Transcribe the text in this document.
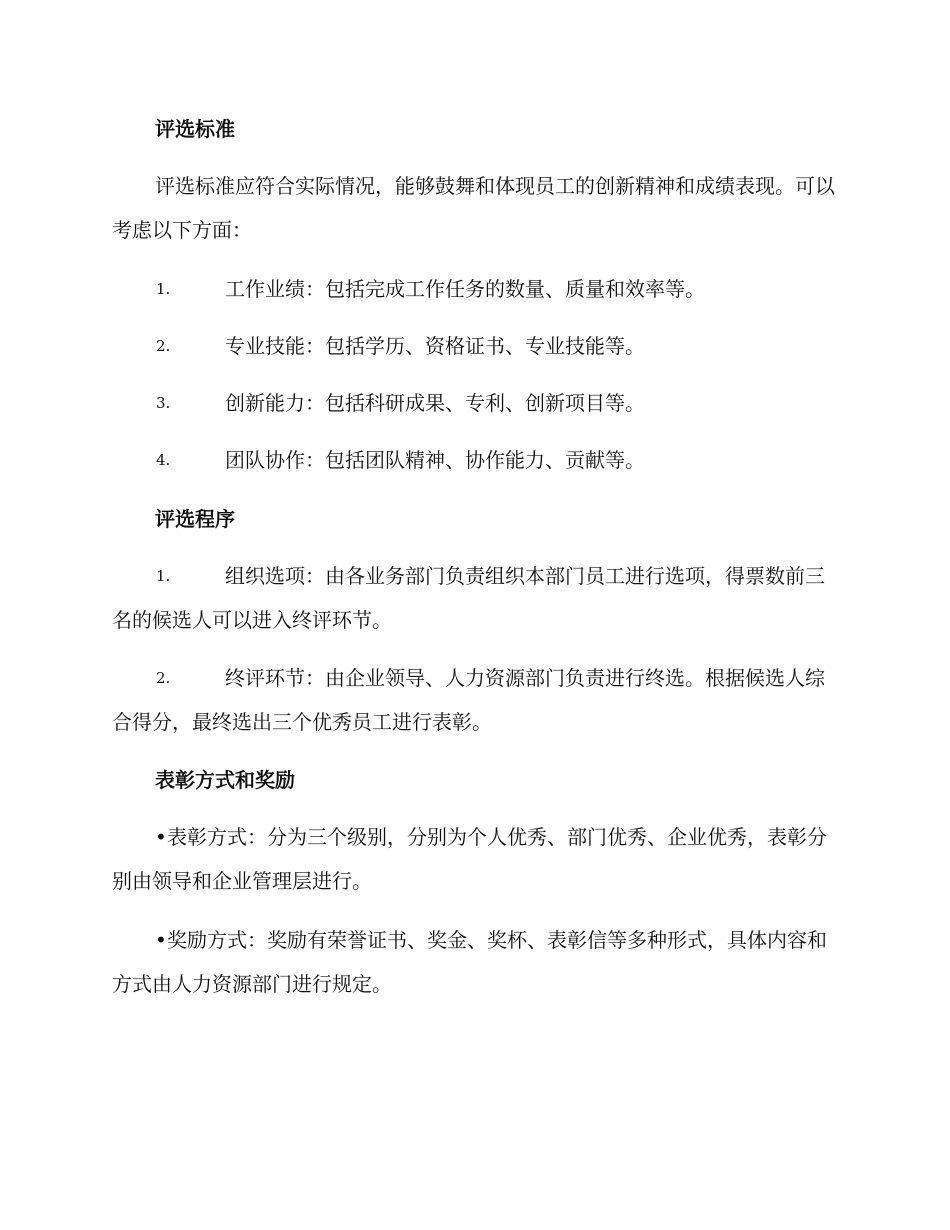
评选标准

评选标准应符合实际情况，能够鼓舞和体现员工的创新精神和成绩表现。可以考虑以下方面：

1.	工作业绩：包括完成工作任务的数量、质量和效率等。
2.	专业技能：包括学历、资格证书、专业技能等。
3.	创新能力：包括科研成果、专利、创新项目等。
4.	团队协作：包括团队精神、协作能力、贡献等。

评选程序

1.	组织选项：由各业务部门负责组织本部门员工进行选项，得票数前三名的候选人可以进入终评环节。
2.	终评环节：由企业领导、人力资源部门负责进行终选。根据候选人综合得分，最终选出三个优秀员工进行表彰。

表彰方式和奖励

•表彰方式：分为三个级别，分别为个人优秀、部门优秀、企业优秀，表彰分别由领导和企业管理层进行。

•奖励方式：奖励有荣誉证书、奖金、奖杯、表彰信等多种形式，具体内容和方式由人力资源部门进行规定。
